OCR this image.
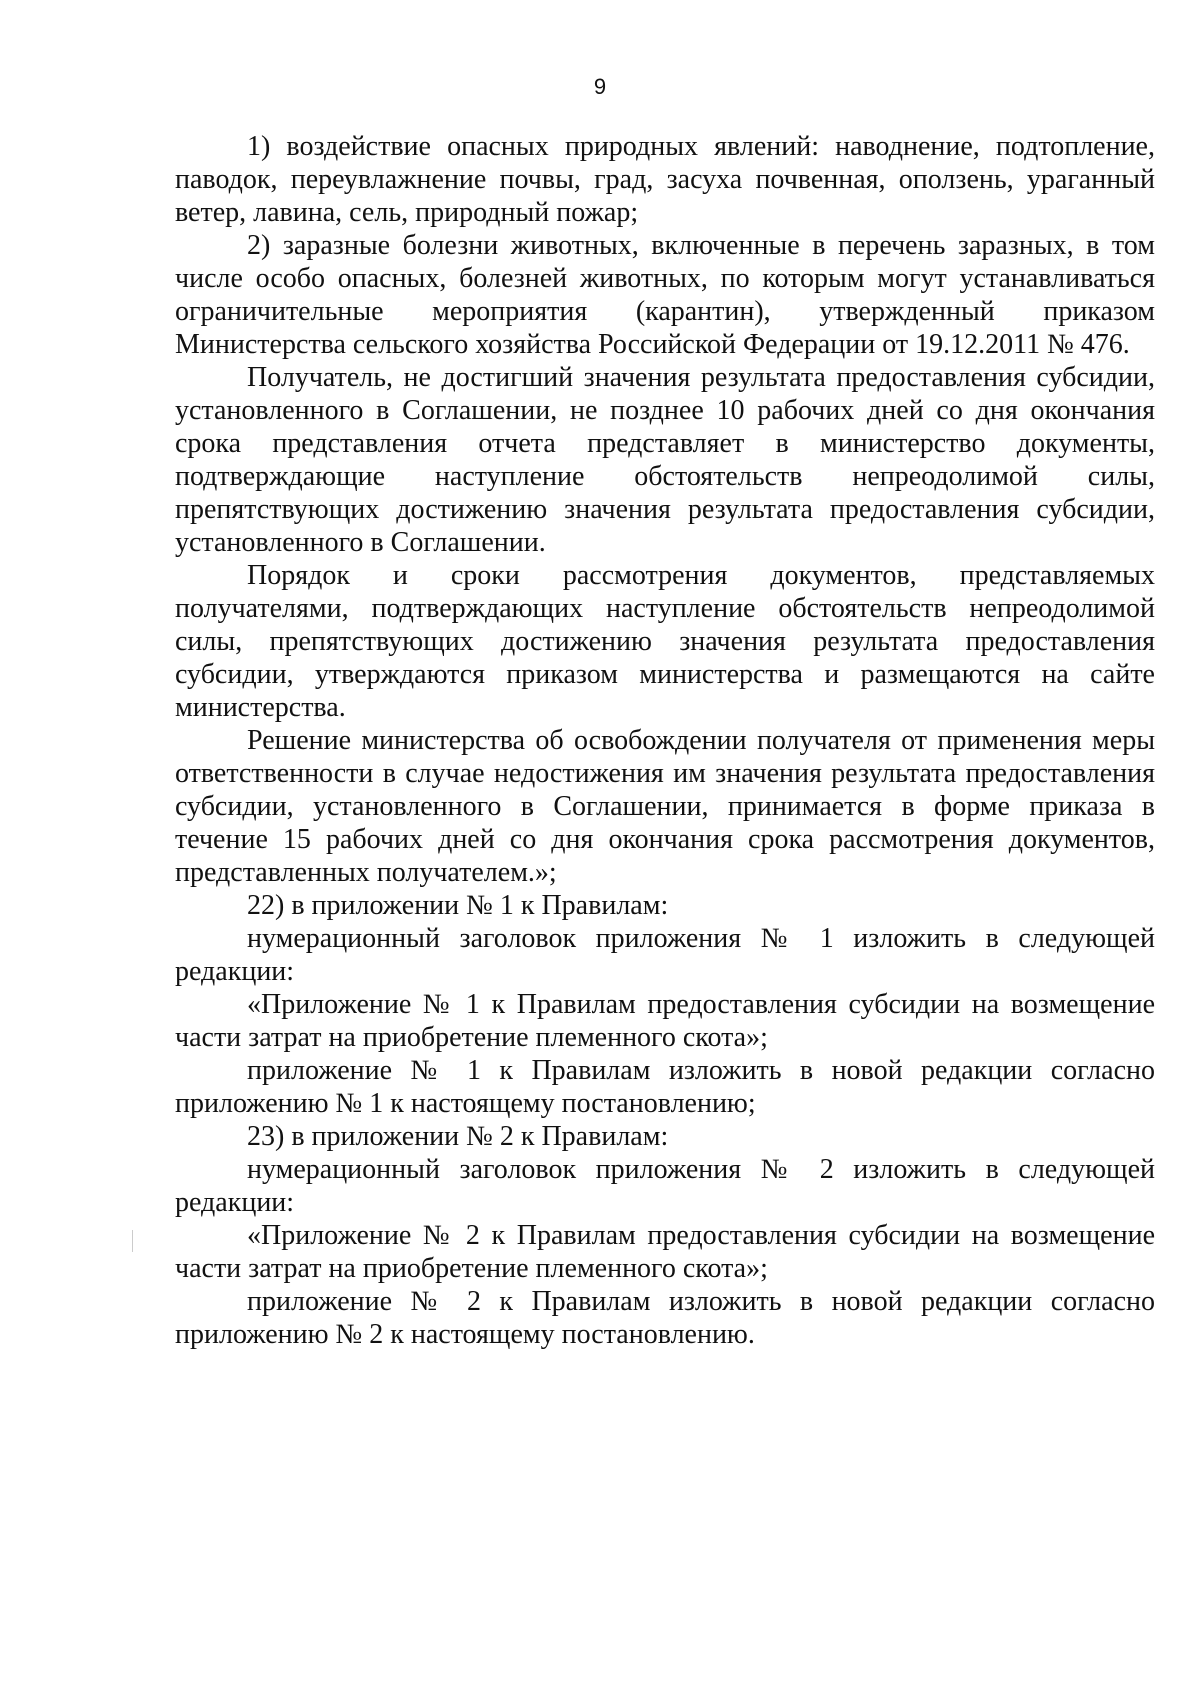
9

1) воздействие опасных природных явлений: наводнение, подтопление, паводок, переувлажнение почвы, град, засуха почвенная, оползень, ураганный ветер, лавина, сель, природный пожар;

2) заразные болезни животных, включенные в перечень заразных, в том числе особо опасных, болезней животных, по которым могут устанавливаться ограничительные мероприятия (карантин), утвержденный приказом Министерства сельского хозяйства Российской Федерации от 19.12.2011 № 476.

Получатель, не достигший значения результата предоставления субсидии, установленного в Соглашении, не позднее 10 рабочих дней со дня окончания срока представления отчета представляет в министерство документы, подтверждающие наступление обстоятельств непреодолимой силы, препятствующих достижению значения результата предоставления субсидии, установленного в Соглашении.

Порядок и сроки рассмотрения документов, представляемых получателями, подтверждающих наступление обстоятельств непреодолимой силы, препятствующих достижению значения результата предоставления субсидии, утверждаются приказом министерства и размещаются на сайте министерства.

Решение министерства об освобождении получателя от применения меры ответственности в случае недостижения им значения результата предоставления субсидии, установленного в Соглашении, принимается в форме приказа в течение 15 рабочих дней со дня окончания срока рассмотрения документов, представленных получателем.»;

22) в приложении № 1 к Правилам:

нумерационный заголовок приложения № 1 изложить в следующей редакции:

«Приложение № 1 к Правилам предоставления субсидии на возмещение части затрат на приобретение племенного скота»;

приложение № 1 к Правилам изложить в новой редакции согласно приложению № 1 к настоящему постановлению;

23) в приложении № 2 к Правилам:

нумерационный заголовок приложения № 2 изложить в следующей редакции:

«Приложение № 2 к Правилам предоставления субсидии на возмещение части затрат на приобретение племенного скота»;

приложение № 2 к Правилам изложить в новой редакции согласно приложению № 2 к настоящему постановлению.
